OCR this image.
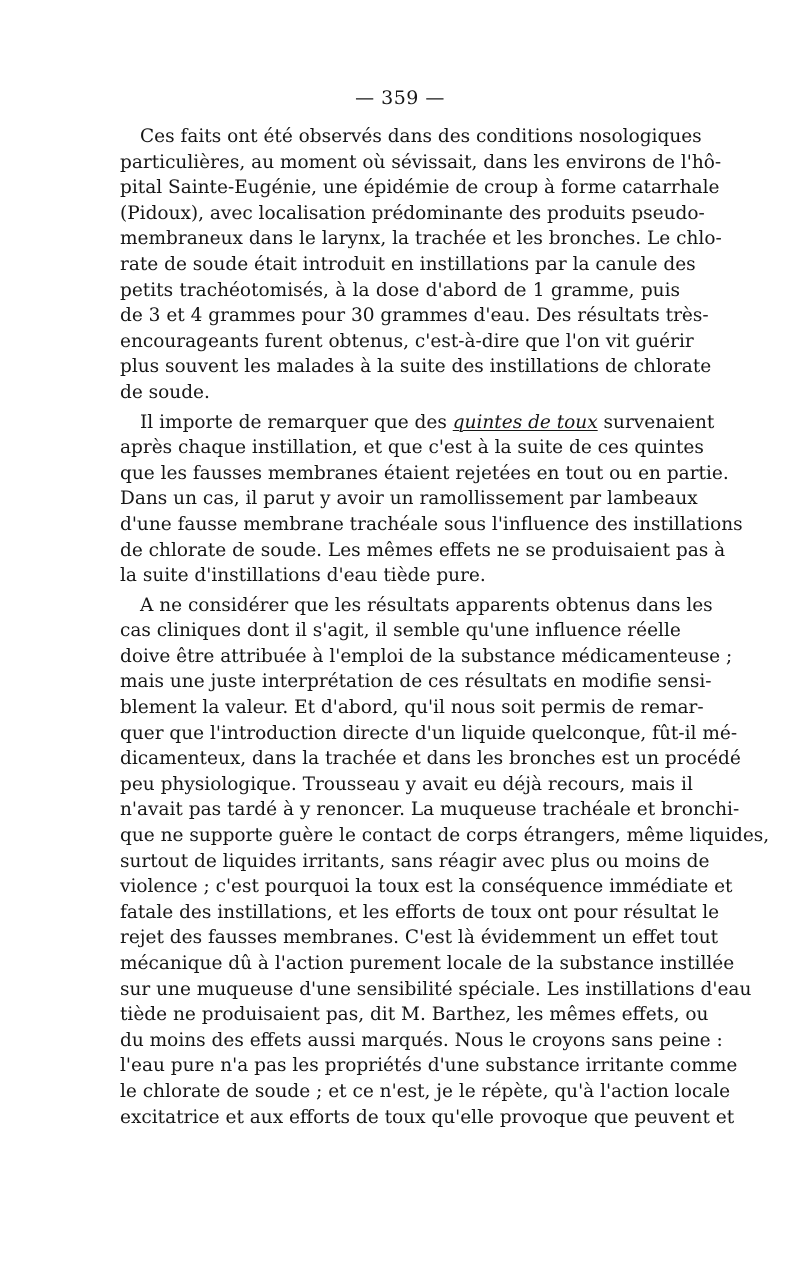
— 359 —
Ces faits ont été observés dans des conditions nosologiques
particulières, au moment où sévissait, dans les environs de l'hô-
pital Sainte-Eugénie, une épidémie de croup à forme catarrhale
(Pidoux), avec localisation prédominante des produits pseudo-
membraneux dans le larynx, la trachée et les bronches. Le chlo-
rate de soude était introduit en instillations par la canule des
petits trachéotomisés, à la dose d'abord de 1 gramme, puis
de 3 et 4 grammes pour 30 grammes d'eau. Des résultats très-
encourageants furent obtenus, c'est-à-dire que l'on vit guérir
plus souvent les malades à la suite des instillations de chlorate
de soude.
Il importe de remarquer que des quintes de toux survenaient
après chaque instillation, et que c'est à la suite de ces quintes
que les fausses membranes étaient rejetées en tout ou en partie.
Dans un cas, il parut y avoir un ramollissement par lambeaux
d'une fausse membrane trachéale sous l'influence des instillations
de chlorate de soude. Les mêmes effets ne se produisaient pas à
la suite d'instillations d'eau tiède pure.
A ne considérer que les résultats apparents obtenus dans les
cas cliniques dont il s'agit, il semble qu'une influence réelle
doive être attribuée à l'emploi de la substance médicamenteuse ;
mais une juste interprétation de ces résultats en modifie sensi-
blement la valeur. Et d'abord, qu'il nous soit permis de remar-
quer que l'introduction directe d'un liquide quelconque, fût-il mé-
dicamenteux, dans la trachée et dans les bronches est un procédé
peu physiologique. Trousseau y avait eu déjà recours, mais il
n'avait pas tardé à y renoncer. La muqueuse trachéale et bronchi-
que ne supporte guère le contact de corps étrangers, même liquides,
surtout de liquides irritants, sans réagir avec plus ou moins de
violence ; c'est pourquoi la toux est la conséquence immédiate et
fatale des instillations, et les efforts de toux ont pour résultat le
rejet des fausses membranes. C'est là évidemment un effet tout
mécanique dû à l'action purement locale de la substance instillée
sur une muqueuse d'une sensibilité spéciale. Les instillations d'eau
tiède ne produisaient pas, dit M. Barthez, les mêmes effets, ou
du moins des effets aussi marqués. Nous le croyons sans peine :
l'eau pure n'a pas les propriétés d'une substance irritante comme
le chlorate de soude ; et ce n'est, je le répète, qu'à l'action locale
excitatrice et aux efforts de toux qu'elle provoque que peuvent et
